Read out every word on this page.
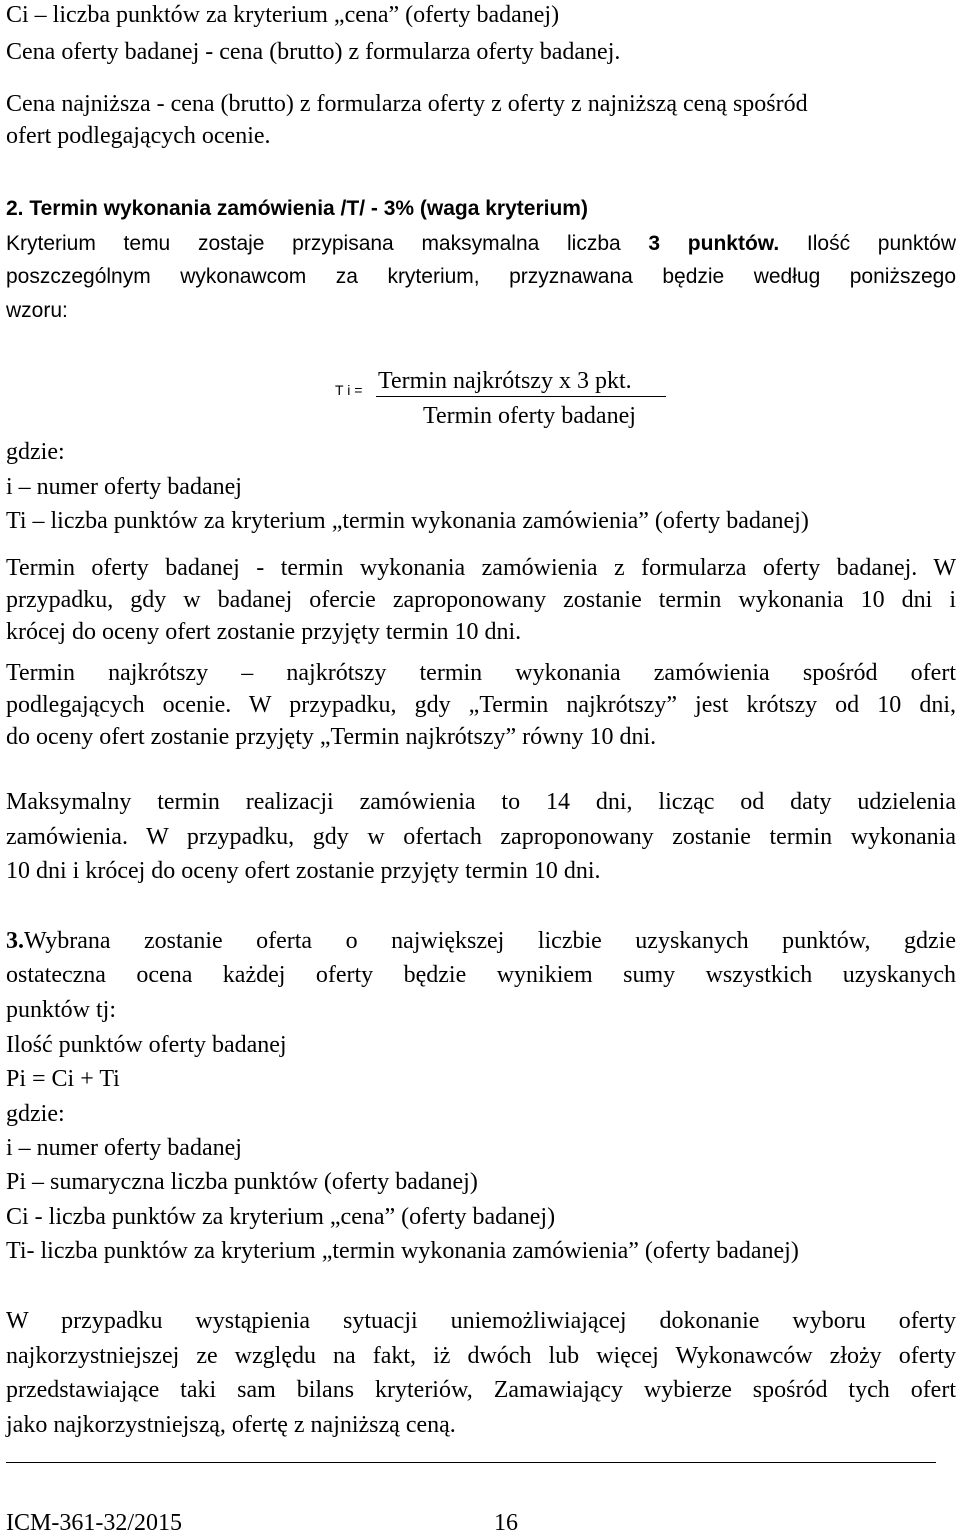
Ci – liczba punktów za kryterium „cena” (oferty badanej)
Cena oferty badanej - cena (brutto) z formularza oferty badanej.
Cena najniższa - cena (brutto) z formularza oferty z oferty z najniższą ceną spośród
ofert podlegających ocenie.
2. Termin wykonania zamówienia /T/ - 3% (waga kryterium)
Kryterium temu zostaje przypisana maksymalna liczba 3 punktów. Ilość punktów
poszczególnym wykonawcom za kryterium, przyznawana będzie według poniższego
wzoru:
T i = Termin najkrótszy x 3 pkt.
Termin oferty badanej
gdzie:
i – numer oferty badanej
Ti – liczba punktów za kryterium „termin wykonania zamówienia” (oferty badanej)
Termin oferty badanej - termin wykonania zamówienia z formularza oferty badanej. W
przypadku, gdy w badanej ofercie zaproponowany zostanie termin wykonania 10 dni i
krócej do oceny ofert zostanie przyjęty termin 10 dni.
Termin najkrótszy – najkrótszy termin wykonania zamówienia spośród ofert
podlegających ocenie. W przypadku, gdy „Termin najkrótszy” jest krótszy od 10 dni,
do oceny ofert zostanie przyjęty „Termin najkrótszy” równy 10 dni.
Maksymalny termin realizacji zamówienia to 14 dni, licząc od daty udzielenia
zamówienia. W przypadku, gdy w ofertach zaproponowany zostanie termin wykonania
10 dni i krócej do oceny ofert zostanie przyjęty termin 10 dni.
3.Wybrana zostanie oferta o największej liczbie uzyskanych punktów, gdzie
ostateczna ocena każdej oferty będzie wynikiem sumy wszystkich uzyskanych
punktów tj:
Ilość punktów oferty badanej
Pi = Ci + Ti
gdzie:
i – numer oferty badanej
Pi – sumaryczna liczba punktów (oferty badanej)
Ci - liczba punktów za kryterium „cena” (oferty badanej)
Ti- liczba punktów za kryterium „termin wykonania zamówienia” (oferty badanej)
W przypadku wystąpienia sytuacji uniemożliwiającej dokonanie wyboru oferty
najkorzystniejszej ze względu na fakt, iż dwóch lub więcej Wykonawców złoży oferty
przedstawiające taki sam bilans kryteriów, Zamawiający wybierze spośród tych ofert
jako najkorzystniejszą, ofertę z najniższą ceną.
ICM-361-32/2015	16
